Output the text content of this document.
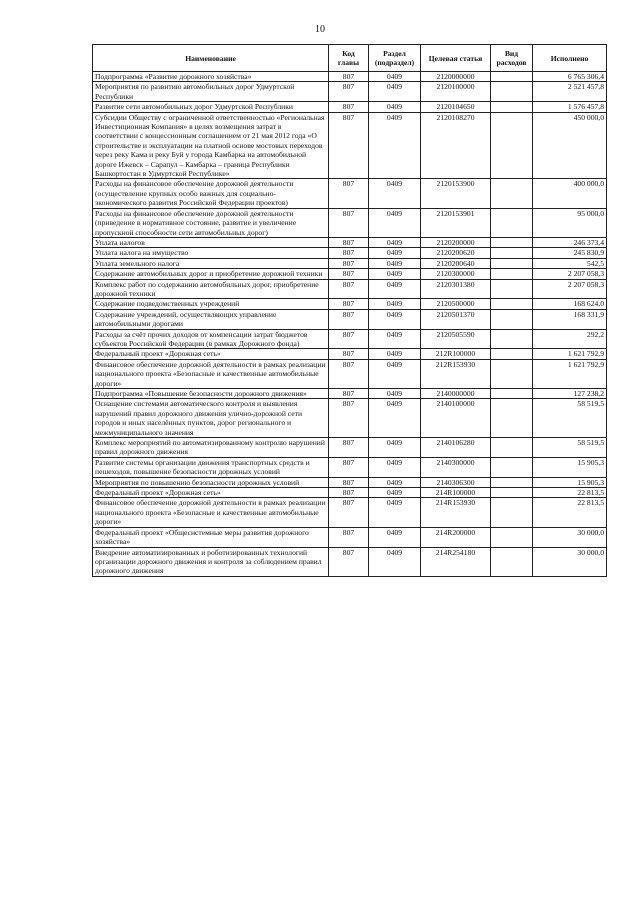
10
Наименование	Код главы	Раздел (подраздел)	Целевая статья	Вид расходов	Исполнено
Подпрограмма «Развитие дорожного хозяйства»	807	0409	2120000000		6 765 306,4
Мероприятия по развитию автомобильных дорог Удмуртской Республики	807	0409	2120100000		2 521 457,8
Развитие сети автомобильных дорог Удмуртской Республики	807	0409	2120104650		1 576 457,8
Субсидии Обществу с ограниченной ответственностью «Региональная Инвестиционная Компания» в целях возмещения затрат в соответствии с концессионным соглашением от 21 мая 2012 года «О строительстве и эксплуатации на платной основе мостовых переходов через реку Кама и реку Буй у города Камбарка на автомобильной дороге Ижевск – Сарапул – Камбарка – граница Республики Башкортостан в Удмуртской Республике»	807	0409	2120108270		450 000,0
Расходы на финансовое обеспечение дорожной деятельности (осуществление крупных особо важных для социально-экономического развития Российской Федерации проектов)	807	0409	2120153900		400 000,0
Расходы на финансовое обеспечение дорожной деятельности (приведение в нормативное состояние, развитие и увеличение пропускной способности сети автомобильных дорог)	807	0409	2120153901		95 000,0
Уплата налогов	807	0409	2120200000		246 373,4
Уплата налога на имущество	807	0409	2120200620		245 830,9
Уплата земельного налога	807	0409	2120200640		542,5
Содержание автомобильных дорог и приобретение дорожной техники	807	0409	2120300000		2 207 058,3
Комплекс работ по содержанию автомобильных дорог, приобретение дорожной техники	807	0409	2120301380		2 207 058,3
Содержание подведомственных учреждений	807	0409	2120500000		168 624,0
Содержание учреждений, осуществляющих управление автомобильными дорогами	807	0409	2120501370		168 331,9
Расходы за счёт прочих доходов от компенсации затрат бюджетов субъектов Российской Федерации (в рамках Дорожного фонда)	807	0409	2120505590		292,2
Федеральный проект «Дорожная сеть»	807	0409	212R100000		1 621 792,9
Финансовое обеспечение дорожной деятельности в рамках реализации национального проекта «Безопасные и качественные автомобильные дороги»	807	0409	212R153930		1 621 792,9
Подпрограмма «Повышение безопасности дорожного движения»	807	0409	2140000000		127 238,2
Оснащение системами автоматического контроля и выявления нарушений правил дорожного движения улично-дорожной сети городов и иных населённых пунктов, дорог регионального и межмуниципального значения	807	0409	2140100000		58 519,5
Комплекс мероприятий по автоматизированному контролю нарушений правил дорожного движения	807	0409	2140106280		58 519,5
Развитие системы организации движения транспортных средств и пешеходов, повышение безопасности дорожных условий	807	0409	2140300000		15 905,3
Мероприятия по повышению безопасности дорожных условий	807	0409	2140306300		15 905,3
Федеральный проект «Дорожная сеть»	807	0409	214R100000		22 813,5
Финансовое обеспечение дорожной деятельности в рамках реализации национального проекта «Безопасные и качественные автомобильные дороги»	807	0409	214R153930		22 813,5
Федеральный проект «Общесистемные меры развития дорожного хозяйства»	807	0409	214R200000		30 000,0
Внедрение автоматизированных и роботизированных технологий организации дорожного движения и контроля за соблюдением правил дорожного движения	807	0409	214R254180		30 000,0
